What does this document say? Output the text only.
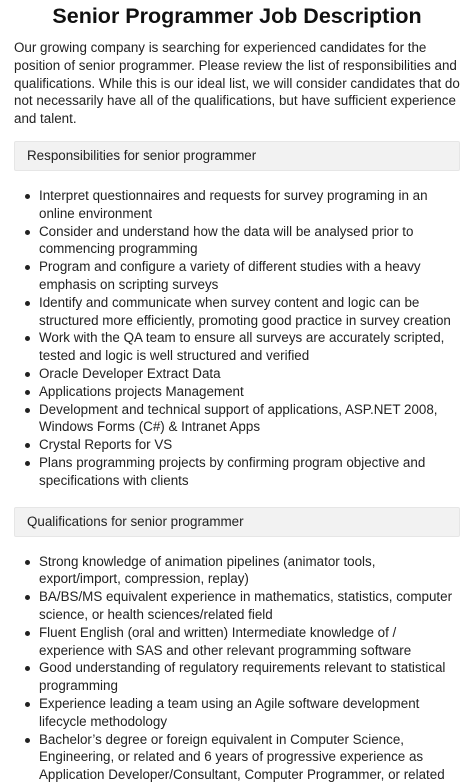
Senior Programmer Job Description

Our growing company is searching for experienced candidates for the position of senior programmer. Please review the list of responsibilities and qualifications. While this is our ideal list, we will consider candidates that do not necessarily have all of the qualifications, but have sufficient experience and talent.

Responsibilities for senior programmer
Interpret questionnaires and requests for survey programing in an online environment
Consider and understand how the data will be analysed prior to commencing programming
Program and configure a variety of different studies with a heavy emphasis on scripting surveys
Identify and communicate when survey content and logic can be structured more efficiently, promoting good practice in survey creation
Work with the QA team to ensure all surveys are accurately scripted, tested and logic is well structured and verified
Oracle Developer Extract Data
Applications projects Management
Development and technical support of applications, ASP.NET 2008, Windows Forms (C#) & Intranet Apps
Crystal Reports for VS
Plans programming projects by confirming program objective and specifications with clients
Qualifications for senior programmer
Strong knowledge of animation pipelines (animator tools, export/import, compression, replay)
BA/BS/MS equivalent experience in mathematics, statistics, computer science, or health sciences/related field
Fluent English (oral and written) Intermediate knowledge of / experience with SAS and other relevant programming software
Good understanding of regulatory requirements relevant to statistical programming
Experience leading a team using an Agile software development lifecycle methodology
Bachelor’s degree or foreign equivalent in Computer Science, Engineering, or related and 6 years of progressive experience as Application Developer/Consultant, Computer Programmer, or related
